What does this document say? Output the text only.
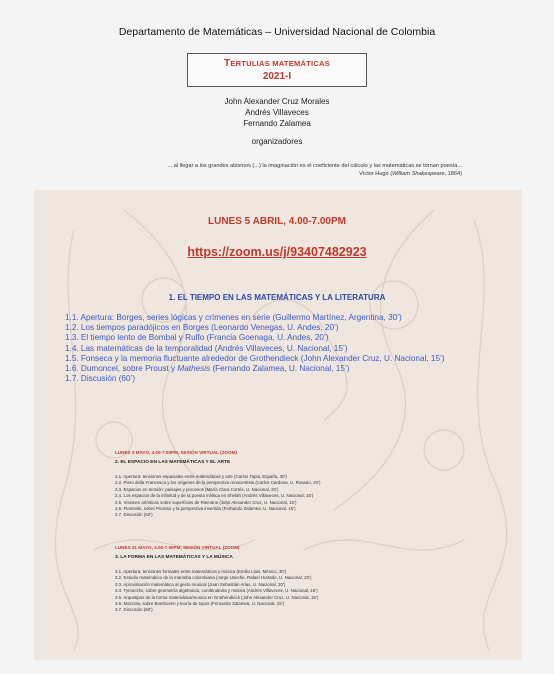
Departamento de Matemáticas – Universidad Nacional de Colombia
TERTULIAS MATEMÁTICAS
2021-I
John Alexander Cruz Morales
Andrés Villaveces
Fernando Zalamea
organizadores
... al llegar a los grandes abismos (...) la imaginación es el coeficiente del cálculo y las matemáticas se tornan poesía...
Víctor Hugo (William Shakespeare, 1864)
LUNES 5 ABRIL, 4.00-7.00PM
https://zoom.us/j/93407482923
1. EL TIEMPO EN LAS MATEMÁTICAS Y LA LITERATURA
1.1. Apertura: Borges, series lógicas y crímenes en serie (Guillermo Martínez, Argentina, 30’)
1.2. Los tiempos paradójicos en Borges (Leonardo Venegas, U. Andes, 20’)
1.3. El tiempo lento de Bombal y Rulfo (Francia Goenaga, U. Andes, 20’)
1.4. Las matemáticas de la temporalidad (Andrés Villaveces, U. Nacional, 15’)
1.5. Fonseca y la memoria fluctuante alrededor de Grothendieck (John Alexander Cruz, U. Nacional, 15’)
1.6. Dumoncel, sobre Proust y Mathesis (Fernando Zalamea, U. Nacional, 15’)
1.7. Discusión (60’)
LUNES 3 MAYO, 4.00-7.00PM, SESIÓN VIRTUAL (ZOOM)
2. EL ESPACIO EN LAS MATEMÁTICAS Y EL ARTE
2.1. Apertura: tensiones espaciales entre matemáticas y arte (Carlos Tapia, España, 30’)
2.2. Piero della Francesca y los orígenes de la perspectiva renacentista (Carlos Cardona, U. Rosario, 20’)
2.3. Espacios en tensión: paisajes y procesos (María Clara Cortés, U. Nacional, 20’)
2.4. Los espacios de la infinitud y de la poesía mística en Shelah (Andrés Villaveces, U. Nacional, 15’)
2.5. Visiones artísticas sobre superficies de Riemann (John Alexander Cruz, U. Nacional, 15’)
2.6. Florenski, sobre Picasso y la perspectiva invertida (Fernando Zalamea, U. Nacional, 15’)
2.7. Discusión (60’)
LUNES 31 MAYO, 4.00-7.00PM, SESIÓN VIRTUAL (ZOOM)
3. LA FORMA EN LAS MATEMÁTICAS Y LA MÚSICA
3.1. Apertura: tensiones formales entre matemáticas y música (Emilio Lluis, México, 30’)
3.2. Estudio matemático de la marimba colombiana (Jorge Useche, Rafael Hurtado, U. Nacional, 20’)
3.3. Aproximación matemática al gesto musical (Juan Sebastián Arias, U. Nacional, 20’)
3.4. Tymoczko, sobre geometría algebraica, combinatoria y música (Andrés Villaveces, U. Nacional, 15’)
3.5. Arquetipos de la forma matemática/musica en Grothendieck (John Alexander Cruz, U. Nacional, 15’)
3.6. Mazzola, sobre Beethoven y teoría de topos (Fernando Zalamea, U. Nacional, 15’)
3.7. Discusión (60’)
